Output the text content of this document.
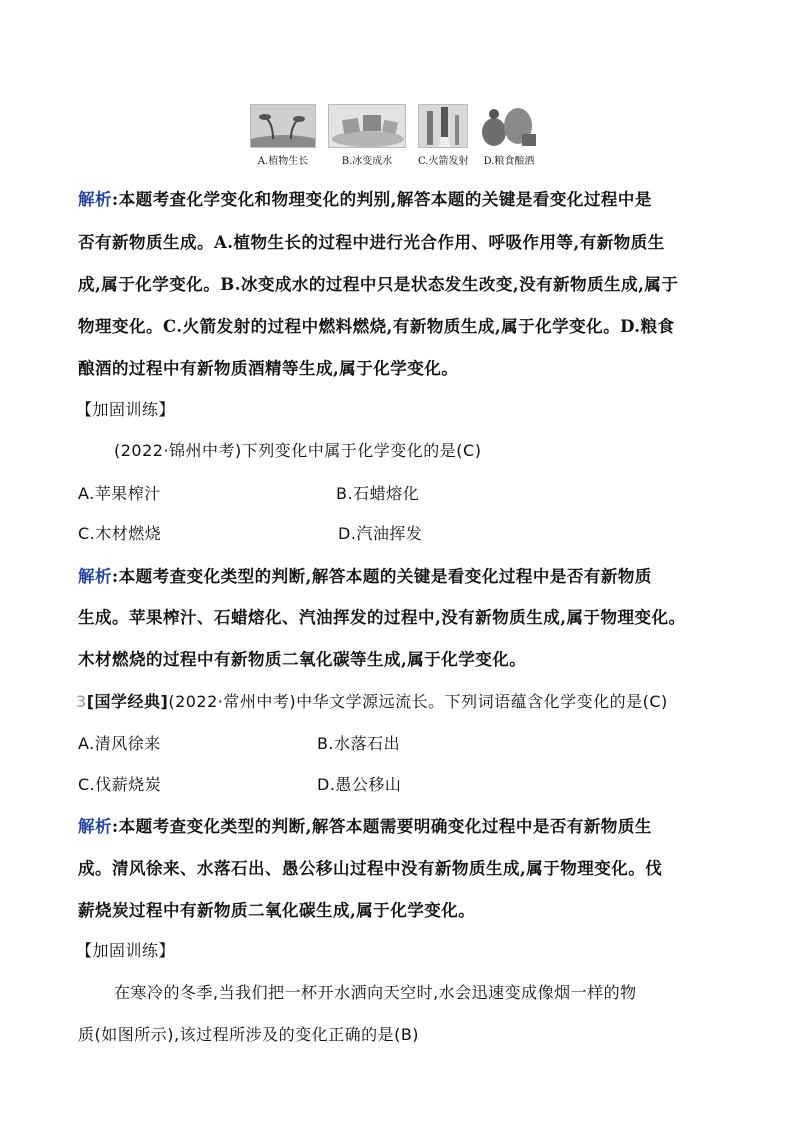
A.植物生长	B.冰变成水	C.火箭发射	D.粮食酿酒
解析:本题考查化学变化和物理变化的判别,解答本题的关键是看变化过程中是
否有新物质生成。A.植物生长的过程中进行光合作用、呼吸作用等,有新物质生
成,属于化学变化。B.冰变成水的过程中只是状态发生改变,没有新物质生成,属于
物理变化。C.火箭发射的过程中燃料燃烧,有新物质生成,属于化学变化。D.粮食
酿酒的过程中有新物质酒精等生成,属于化学变化。
【加固训练】
(2022·锦州中考)下列变化中属于化学变化的是(C)
A.苹果榨汁	B.石蜡熔化
C.木材燃烧	D.汽油挥发
解析:本题考查变化类型的判断,解答本题的关键是看变化过程中是否有新物质
生成。苹果榨汁、石蜡熔化、汽油挥发的过程中,没有新物质生成,属于物理变化。
木材燃烧的过程中有新物质二氧化碳等生成,属于化学变化。
3[国学经典](2022·常州中考)中华文学源远流长。下列词语蕴含化学变化的是(C)
A.清风徐来	B.水落石出
C.伐薪烧炭	D.愚公移山
解析:本题考查变化类型的判断,解答本题需要明确变化过程中是否有新物质生
成。清风徐来、水落石出、愚公移山过程中没有新物质生成,属于物理变化。伐
薪烧炭过程中有新物质二氧化碳生成,属于化学变化。
【加固训练】
在寒冷的冬季,当我们把一杯开水洒向天空时,水会迅速变成像烟一样的物
质(如图所示),该过程所涉及的变化正确的是(B)
